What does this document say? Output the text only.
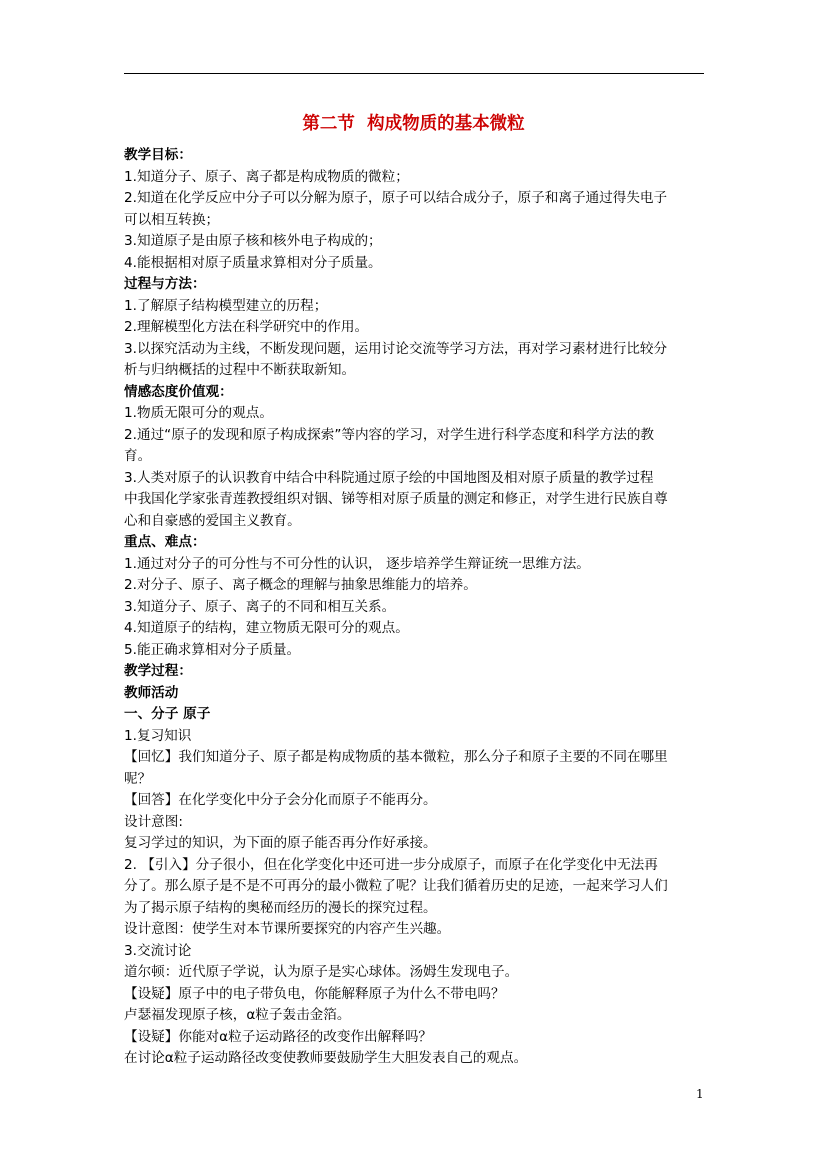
第二节  构成物质的基本微粒
教学目标：
1.知道分子、原子、离子都是构成物质的微粒；
2.知道在化学反应中分子可以分解为原子，原子可以结合成分子，原子和离子通过得失电子
可以相互转换；
3.知道原子是由原子核和核外电子构成的；
4.能根据相对原子质量求算相对分子质量。
过程与方法：
1.了解原子结构模型建立的历程；
2.理解模型化方法在科学研究中的作用。
3.以探究活动为主线，不断发现问题，运用讨论交流等学习方法，再对学习素材进行比较分
析与归纳概括的过程中不断获取新知。
情感态度价值观：
1.物质无限可分的观点。
2.通过“原子的发现和原子构成探索”等内容的学习，对学生进行科学态度和科学方法的教
育。
3.人类对原子的认识教育中结合中科院通过原子绘的中国地图及相对原子质量的教学过程
中我国化学家张青莲教授组织对铟、锑等相对原子质量的测定和修正，对学生进行民族自尊
心和自豪感的爱国主义教育。
重点、难点：
1.通过对分子的可分性与不可分性的认识， 逐步培养学生辩证统一思维方法。
2.对分子、原子、离子概念的理解与抽象思维能力的培养。
3.知道分子、原子、离子的不同和相互关系。
4.知道原子的结构，建立物质无限可分的观点。
5.能正确求算相对分子质量。
教学过程：
教师活动
一、分子 原子
1.复习知识
【回忆】我们知道分子、原子都是构成物质的基本微粒，那么分子和原子主要的不同在哪里
呢？
【回答】在化学变化中分子会分化而原子不能再分。
设计意图:
复习学过的知识，为下面的原子能否再分作好承接。
2. 【引入】分子很小，但在化学变化中还可进一步分成原子，而原子在化学变化中无法再
分了。那么原子是不是不可再分的最小微粒了呢？让我们循着历史的足迹，一起来学习人们
为了揭示原子结构的奥秘而经历的漫长的探究过程。
设计意图：使学生对本节课所要探究的内容产生兴趣。
3.交流讨论
道尔顿：近代原子学说，认为原子是实心球体。汤姆生发现电子。
【设疑】原子中的电子带负电，你能解释原子为什么不带电吗？
卢瑟福发现原子核，α粒子轰击金箔。
【设疑】你能对α粒子运动路径的改变作出解释吗？
在讨论α粒子运动路径改变使教师要鼓励学生大胆发表自己的观点。
1
